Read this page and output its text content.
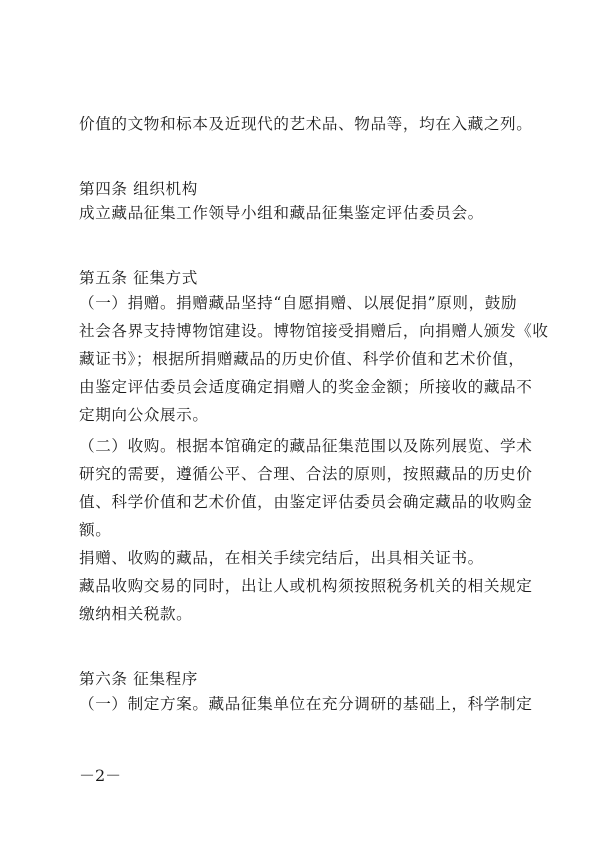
价值的文物和标本及近现代的艺术品、物品等，均在入藏之列。
第四条 组织机构
成立藏品征集工作领导小组和藏品征集鉴定评估委员会。
第五条 征集方式
（一）捐赠。捐赠藏品坚持“自愿捐赠、以展促捐”原则，鼓励
社会各界支持博物馆建设。博物馆接受捐赠后，向捐赠人颁发《收
藏证书》；根据所捐赠藏品的历史价值、科学价值和艺术价值，
由鉴定评估委员会适度确定捐赠人的奖金金额；所接收的藏品不
定期向公众展示。
（二）收购。根据本馆确定的藏品征集范围以及陈列展览、学术
研究的需要，遵循公平、合理、合法的原则，按照藏品的历史价
值、科学价值和艺术价值，由鉴定评估委员会确定藏品的收购金
额。
捐赠、收购的藏品，在相关手续完结后，出具相关证书。
藏品收购交易的同时，出让人或机构须按照税务机关的相关规定
缴纳相关税款。
第六条 征集程序
（一）制定方案。藏品征集单位在充分调研的基础上，科学制定
－2－
